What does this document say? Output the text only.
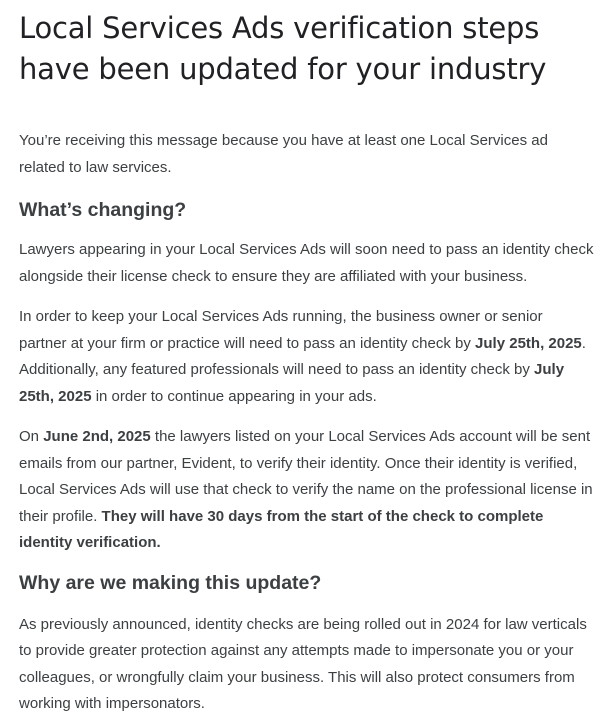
Local Services Ads verification steps have been updated for your industry

You’re receiving this message because you have at least one Local Services ad related to law services.

What’s changing?

Lawyers appearing in your Local Services Ads will soon need to pass an identity check alongside their license check to ensure they are affiliated with your business.

In order to keep your Local Services Ads running, the business owner or senior partner at your firm or practice will need to pass an identity check by July 25th, 2025. Additionally, any featured professionals will need to pass an identity check by July 25th, 2025 in order to continue appearing in your ads.

On June 2nd, 2025 the lawyers listed on your Local Services Ads account will be sent emails from our partner, Evident, to verify their identity. Once their identity is verified, Local Services Ads will use that check to verify the name on the professional license in their profile. They will have 30 days from the start of the check to complete identity verification.

Why are we making this update?

As previously announced, identity checks are being rolled out in 2024 for law verticals to provide greater protection against any attempts made to impersonate you or your colleagues, or wrongfully claim your business. This will also protect consumers from working with impersonators.
